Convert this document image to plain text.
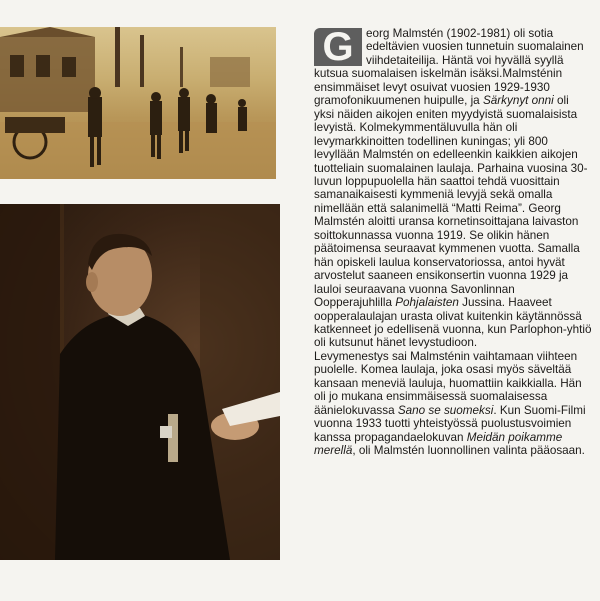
G	eorg Malmstén (1902-1981) oli sotia edeltävien vuosien tunnetuin suomalainen viihdetaiteilija. Häntä voi hyvällä syyllä kutsua suomalaisen iskelmän isäksi.Malmsténin ensimmäiset levyt osuivat vuosien 1929-1930 gramofonikuumenen huipulle, ja Särkynyt onni oli yksi näiden aikojen eniten myydyistä suomalaisista levyistä. Kolmekymmentäluvulla hän oli levymarkkinoitten todellinen kuningas; yli 800 levyllään Malmstén on edelleenkin kaikkien aikojen tuotteliain suomalainen laulaja. Parhaina vuosina 30-luvun loppupuolella hän saattoi tehdä vuosittain samanaikaisesti kymmeniä levyjä sekä omalla nimellään että salanimellä “Matti Reima”. Georg Malmstén aloitti uransa kornetinsoittajana laivaston soittokunnassa vuonna 1919. Se olikin hänen päätoimensa seuraavat kymmenen vuotta. Samalla hän opiskeli laulua konservatoriossa, antoi hyvät arvostelut saaneen ensikonsertin vuonna 1929 ja lauloi seuraavana vuonna Savonlinnan Oopperajuhlilla Pohjalaisten Jussina. Haaveet oopperalaulajan urasta olivat kuitenkin käytännössä katkenneet jo edellisenä vuonna, kun Parlophon-yhtiö oli kutsunut hänet levystudioon.

Levymenestys sai Malmsténin vaihtamaan viihteen puolelle. Komea laulaja, joka osasi myös säveltää kansaan meneviä lauluja, huomattiin kaikkialla. Hän oli jo mukana ensimmäisessä suomalaisessa äänielokuvassa Sano se suomeksi. Kun Suomi-Filmi vuonna 1933 tuotti yhteistyössä puolustusvoimien kanssa propagandaelokuvan Meidän poikamme merellä, oli Malmstén luonnollinen valinta pääosaan.
